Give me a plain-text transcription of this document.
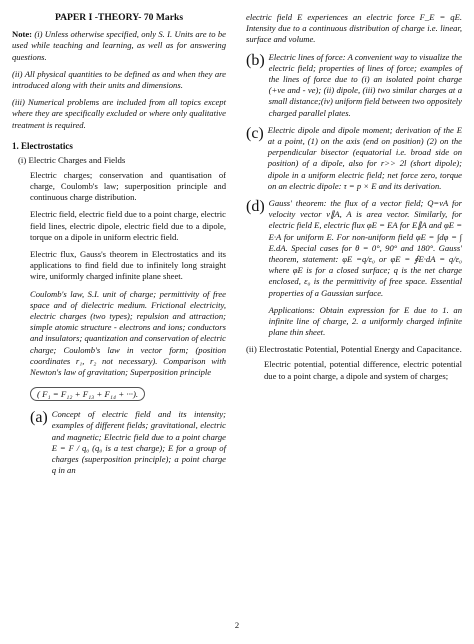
PAPER I -THEORY- 70 Marks

Note: (i) Unless otherwise specified, only S. I. Units are to be used while teaching and learning, as well as for answering questions.

(ii) All physical quantities to be defined as and when they are introduced along with their units and dimensions.

(iii) Numerical problems are included from all topics except where they are specifically excluded or where only qualitative treatment is required.

1. Electrostatics
(i) Electric Charges and Fields

Electric charges; conservation and quantisation of charge, Coulomb's law; superposition principle and continuous charge distribution.

Electric field, electric field due to a point charge, electric field lines, electric dipole, electric field due to a dipole, torque on a dipole in uniform electric field.

Electric flux, Gauss's theorem in Electrostatics and its applications to find field due to infinitely long straight wire, uniformly charged infinite plane sheet.

Coulomb's law, S.I. unit of charge; permittivity of free space and of dielectric medium. Frictional electricity, electric charges (two types); repulsion and attraction; simple atomic structure - electrons and ions; conductors and insulators; quantization and conservation of electric charge; Coulomb's law in vector form; (position coordinates r₁, r₂ not necessary). Comparison with Newton's law of gravitation; Superposition principle

( F₁ = F₁₂ + F₁₃ + F₁₄ + ···).
(a) Concept of electric field and its intensity; examples of different fields; gravitational, electric and magnetic; Electric field due to a point charge E = F / q₀ (q₀ is a test charge); E for a group of charges (superposition principle); a point charge q in an

electric field E experiences an electric force F_E = qE. Intensity due to a continuous distribution of charge i.e. linear, surface and volume.

(b) Electric lines of force: A convenient way to visualize the electric field; properties of lines of force; examples of the lines of force due to (i) an isolated point charge (+ve and - ve); (ii) dipole, (iii) two similar charges at a small distance;(iv) uniform field between two oppositely charged parallel plates.

(c) Electric dipole and dipole moment; derivation of the E at a point, (1) on the axis (end on position) (2) on the perpendicular bisector (equatorial i.e. broad side on position) of a dipole, also for r>> 2l (short dipole); dipole in a uniform electric field; net force zero, torque on an electric dipole: τ = p × E and its derivation.

(d) Gauss' theorem: the flux of a vector field; Q=vA for velocity vector v∥A, A is area vector. Similarly, for electric field E, electric flux φE = EA for E∥A and φE = E·A for uniform E. For non-uniform field φE = ∫dφ = ∫ E.dA. Special cases for θ = 0°, 90° and 180°. Gauss' theorem, statement: φE =q/ε₀ or φE = ∮E·dA = q/ε₀ where φE is for a closed surface; q is the net charge enclosed, ε₀ is the permittivity of free space. Essential properties of a Gaussian surface.

Applications: Obtain expression for E due to 1. an infinite line of charge, 2. a uniformly charged infinite plane thin sheet.

(ii) Electrostatic Potential, Potential Energy and Capacitance.

Electric potential, potential difference, electric potential due to a point charge, a dipole and system of charges;

2
